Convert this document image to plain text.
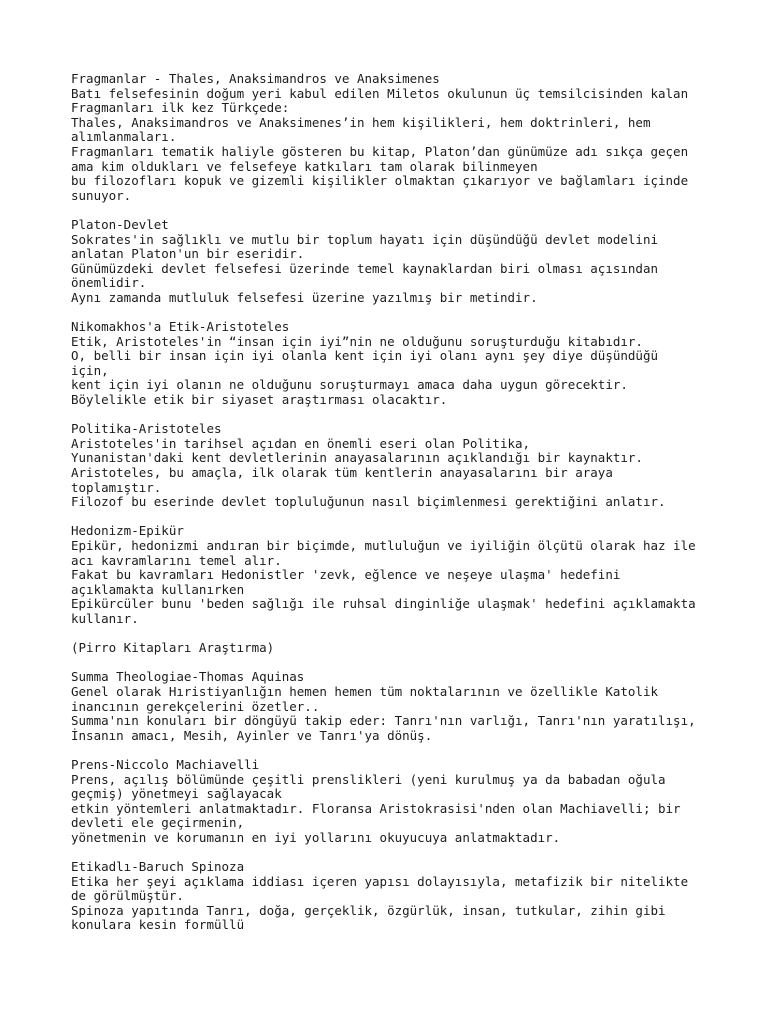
Fragmanlar - Thales, Anaksimandros ve Anaksimenes
Batı felsefesinin doğum yeri kabul edilen Miletos okulunun üç temsilcisinden kalan
Fragmanları ilk kez Türkçede:
Thales, Anaksimandros ve Anaksimenes’in hem kişilikleri, hem doktrinleri, hem
alımlanmaları.
Fragmanları tematik haliyle gösteren bu kitap, Platon’dan günümüze adı sıkça geçen
ama kim oldukları ve felsefeye katkıları tam olarak bilinmeyen
bu filozofları kopuk ve gizemli kişilikler olmaktan çıkarıyor ve bağlamları içinde
sunuyor.
Platon-Devlet
Sokrates'in sağlıklı ve mutlu bir toplum hayatı için düşündüğü devlet modelini
anlatan Platon'un bir eseridir.
Günümüzdeki devlet felsefesi üzerinde temel kaynaklardan biri olması açısından
önemlidir.
Aynı zamanda mutluluk felsefesi üzerine yazılmış bir metindir.
Nikomakhos'a Etik-Aristoteles
Etik, Aristoteles'in “insan için iyi”nin ne olduğunu soruşturduğu kitabıdır.
O, belli bir insan için iyi olanla kent için iyi olanı aynı şey diye düşündüğü
için,
kent için iyi olanın ne olduğunu soruşturmayı amaca daha uygun görecektir.
Böylelikle etik bir siyaset araştırması olacaktır.
Politika-Aristoteles
Aristoteles'in tarihsel açıdan en önemli eseri olan Politika,
Yunanistan'daki kent devletlerinin anayasalarının açıklandığı bir kaynaktır.
Aristoteles, bu amaçla, ilk olarak tüm kentlerin anayasalarını bir araya
toplamıştır.
Filozof bu eserinde devlet topluluğunun nasıl biçimlenmesi gerektiğini anlatır.
Hedonizm-Epikür
Epikür, hedonizmi andıran bir biçimde, mutluluğun ve iyiliğin ölçütü olarak haz ile
acı kavramlarını temel alır.
Fakat bu kavramları Hedonistler 'zevk, eğlence ve neşeye ulaşma' hedefini
açıklamakta kullanırken
Epikürcüler bunu 'beden sağlığı ile ruhsal dinginliğe ulaşmak' hedefini açıklamakta
kullanır.
(Pirro Kitapları Araştırma)
Summa Theologiae-Thomas Aquinas
Genel olarak Hıristiyanlığın hemen hemen tüm noktalarının ve özellikle Katolik
inancının gerekçelerini özetler..
Summa'nın konuları bir döngüyü takip eder: Tanrı'nın varlığı, Tanrı'nın yaratılışı,
İnsanın amacı, Mesih, Ayinler ve Tanrı'ya dönüş.
Prens-Niccolo Machiavelli
Prens, açılış bölümünde çeşitli prenslikleri (yeni kurulmuş ya da babadan oğula
geçmiş) yönetmeyi sağlayacak
etkin yöntemleri anlatmaktadır. Floransa Aristokrasisi'nden olan Machiavelli; bir
devleti ele geçirmenin,
yönetmenin ve korumanın en iyi yollarını okuyucuya anlatmaktadır.
Etikadlı-Baruch Spinoza
Etika her şeyi açıklama iddiası içeren yapısı dolayısıyla, metafizik bir nitelikte
de görülmüştür.
Spinoza yapıtında Tanrı, doğa, gerçeklik, özgürlük, insan, tutkular, zihin gibi
konulara kesin formüllü
